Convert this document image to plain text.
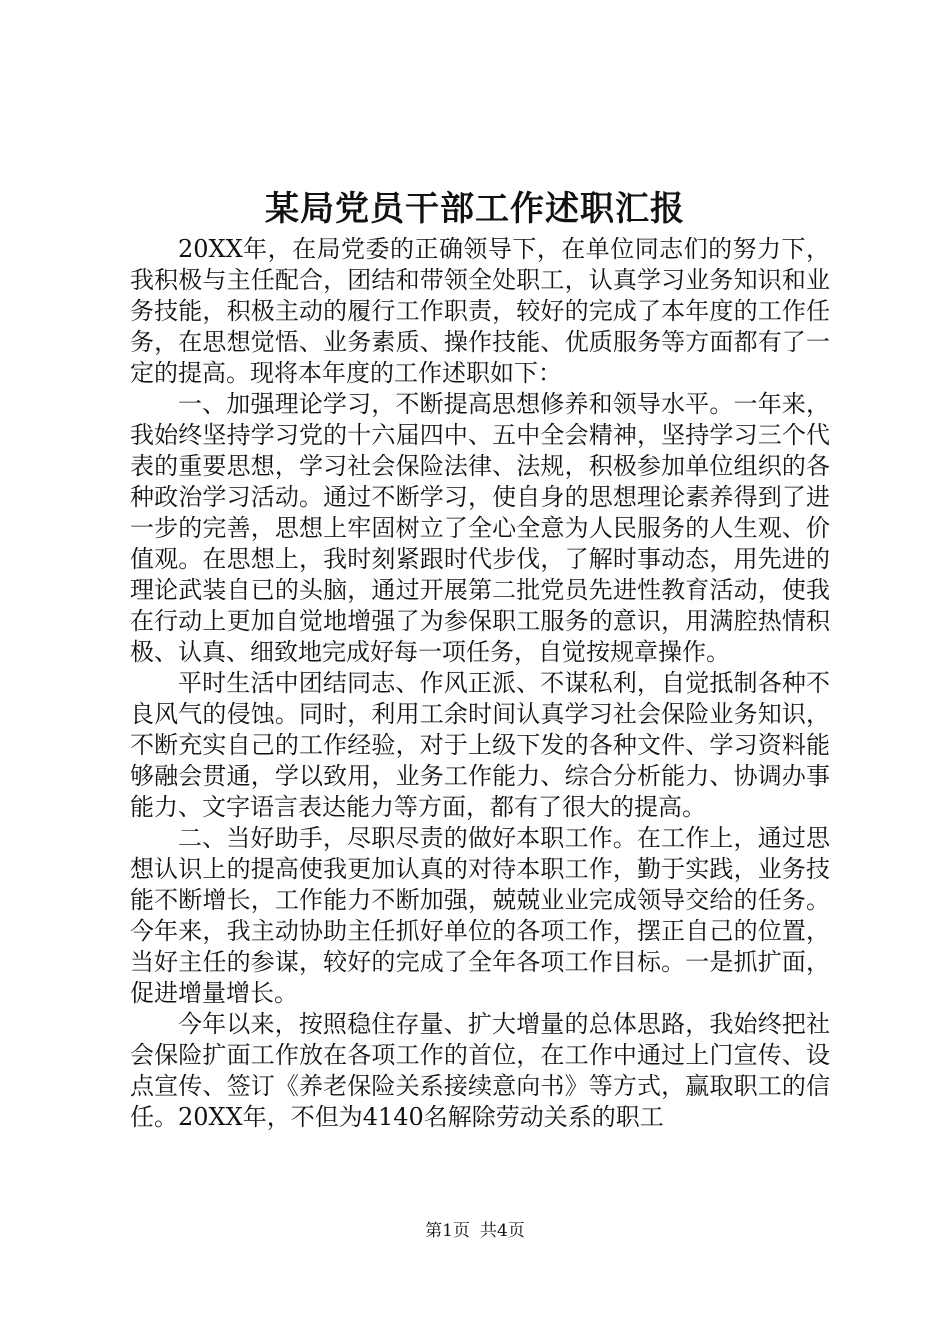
某局党员干部工作述职汇报

20XX年，在局党委的正确领导下，在单位同志们的努力下，我积极与主任配合，团结和带领全处职工，认真学习业务知识和业务技能，积极主动的履行工作职责，较好的完成了本年度的工作任务，在思想觉悟、业务素质、操作技能、优质服务等方面都有了一定的提高。现将本年度的工作述职如下：

一、加强理论学习，不断提高思想修养和领导水平。一年来，我始终坚持学习党的十六届四中、五中全会精神，坚持学习三个代表的重要思想，学习社会保险法律、法规，积极参加单位组织的各种政治学习活动。通过不断学习，使自身的思想理论素养得到了进一步的完善，思想上牢固树立了全心全意为人民服务的人生观、价值观。在思想上，我时刻紧跟时代步伐，了解时事动态，用先进的理论武装自已的头脑，通过开展第二批党员先进性教育活动，使我在行动上更加自觉地增强了为参保职工服务的意识，用满腔热情积极、认真、细致地完成好每一项任务，自觉按规章操作。

平时生活中团结同志、作风正派、不谋私利，自觉抵制各种不良风气的侵蚀。同时，利用工余时间认真学习社会保险业务知识，不断充实自己的工作经验，对于上级下发的各种文件、学习资料能够融会贯通，学以致用，业务工作能力、综合分析能力、协调办事能力、文字语言表达能力等方面，都有了很大的提高。

二、当好助手，尽职尽责的做好本职工作。在工作上，通过思想认识上的提高使我更加认真的对待本职工作，勤于实践，业务技能不断增长，工作能力不断加强，兢兢业业完成领导交给的任务。今年来，我主动协助主任抓好单位的各项工作，摆正自己的位置，当好主任的参谋，较好的完成了全年各项工作目标。一是抓扩面，促进增量增长。

今年以来，按照稳住存量、扩大增量的总体思路，我始终把社会保险扩面工作放在各项工作的首位，在工作中通过上门宣传、设点宣传、签订《养老保险关系接续意向书》等方式，赢取职工的信任。20XX年，不但为4140名解除劳动关系的职工

第1页 共4页
